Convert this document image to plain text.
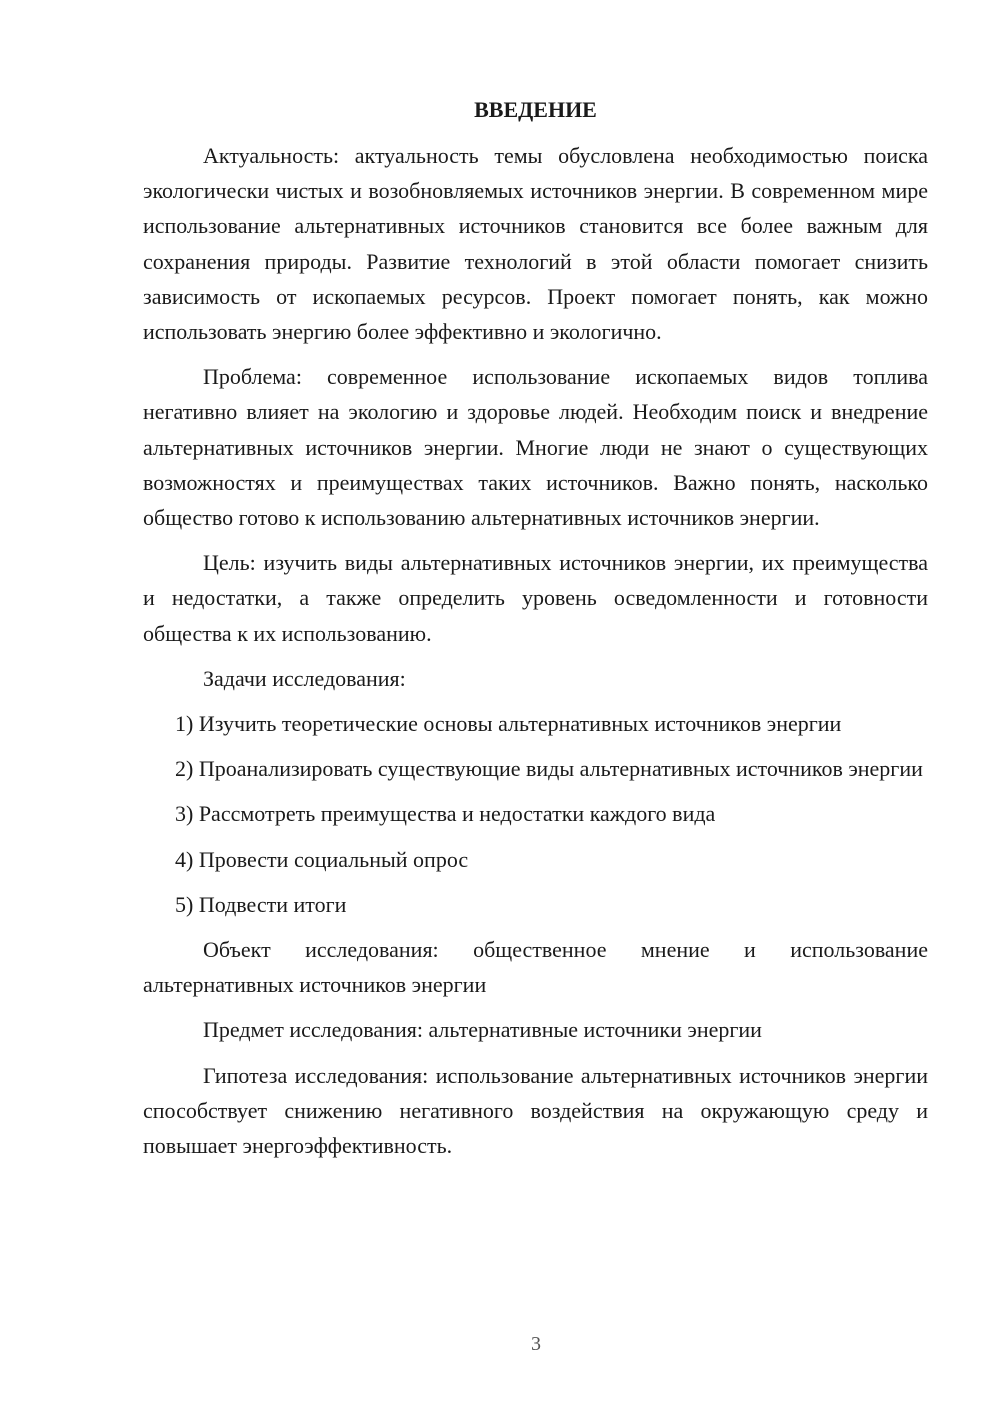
ВВЕДЕНИЕ
Актуальность: актуальность темы обусловлена необходимостью поиска экологически чистых и возобновляемых источников энергии. В современном мире использование альтернативных источников становится все более важным для сохранения природы. Развитие технологий в этой области помогает снизить зависимость от ископаемых ресурсов. Проект помогает понять, как можно использовать энергию более эффективно и экологично.
Проблема: современное использование ископаемых видов топлива негативно влияет на экологию и здоровье людей. Необходим поиск и внедрение альтернативных источников энергии. Многие люди не знают о существующих возможностях и преимуществах таких источников. Важно понять, насколько общество готово к использованию альтернативных источников энергии.
Цель: изучить виды альтернативных источников энергии, их преимущества и недостатки, а также определить уровень осведомленности и готовности общества к их использованию.
Задачи исследования:
1) Изучить теоретические основы альтернативных источников энергии
2) Проанализировать существующие виды альтернативных источников энергии
3) Рассмотреть преимущества и недостатки каждого вида
4) Провести социальный опрос
5) Подвести итоги
Объект исследования: общественное мнение и использование альтернативных источников энергии
Предмет исследования: альтернативные источники энергии
Гипотеза исследования: использование альтернативных источников энергии способствует снижению негативного воздействия на окружающую среду и повышает энергоэффективность.
3
